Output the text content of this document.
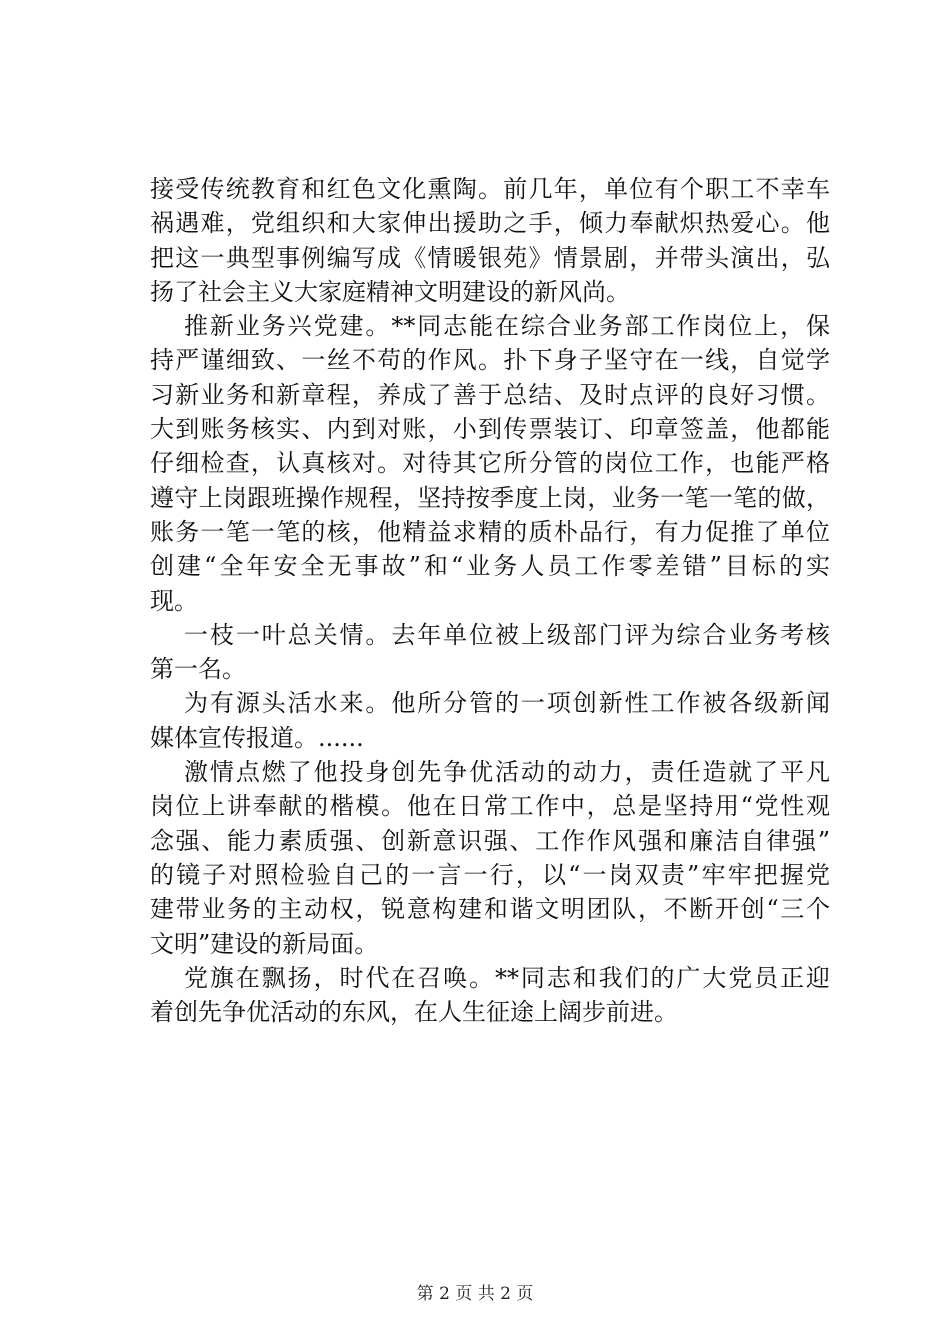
接受传统教育和红色文化熏陶。前几年，单位有个职工不幸车
祸遇难，党组织和大家伸出援助之手，倾力奉献炽热爱心。他
把这一典型事例编写成《情暖银苑》情景剧，并带头演出，弘
扬了社会主义大家庭精神文明建设的新风尚。
推新业务兴党建。**同志能在综合业务部工作岗位上，保
持严谨细致、一丝不苟的作风。扑下身子坚守在一线，自觉学
习新业务和新章程，养成了善于总结、及时点评的良好习惯。
大到账务核实、内到对账，小到传票装订、印章签盖，他都能
仔细检查，认真核对。对待其它所分管的岗位工作，也能严格
遵守上岗跟班操作规程，坚持按季度上岗，业务一笔一笔的做，
账务一笔一笔的核，他精益求精的质朴品行，有力促推了单位
创建“全年安全无事故”和“业务人员工作零差错”目标的实
现。
一枝一叶总关情。去年单位被上级部门评为综合业务考核
第一名。
为有源头活水来。他所分管的一项创新性工作被各级新闻
媒体宣传报道。......
激情点燃了他投身创先争优活动的动力，责任造就了平凡
岗位上讲奉献的楷模。他在日常工作中，总是坚持用“党性观
念强、能力素质强、创新意识强、工作作风强和廉洁自律强”
的镜子对照检验自己的一言一行，以“一岗双责”牢牢把握党
建带业务的主动权，锐意构建和谐文明团队，不断开创“三个
文明”建设的新局面。
党旗在飘扬，时代在召唤。**同志和我们的广大党员正迎
着创先争优活动的东风，在人生征途上阔步前进。
第 2 页 共 2 页
